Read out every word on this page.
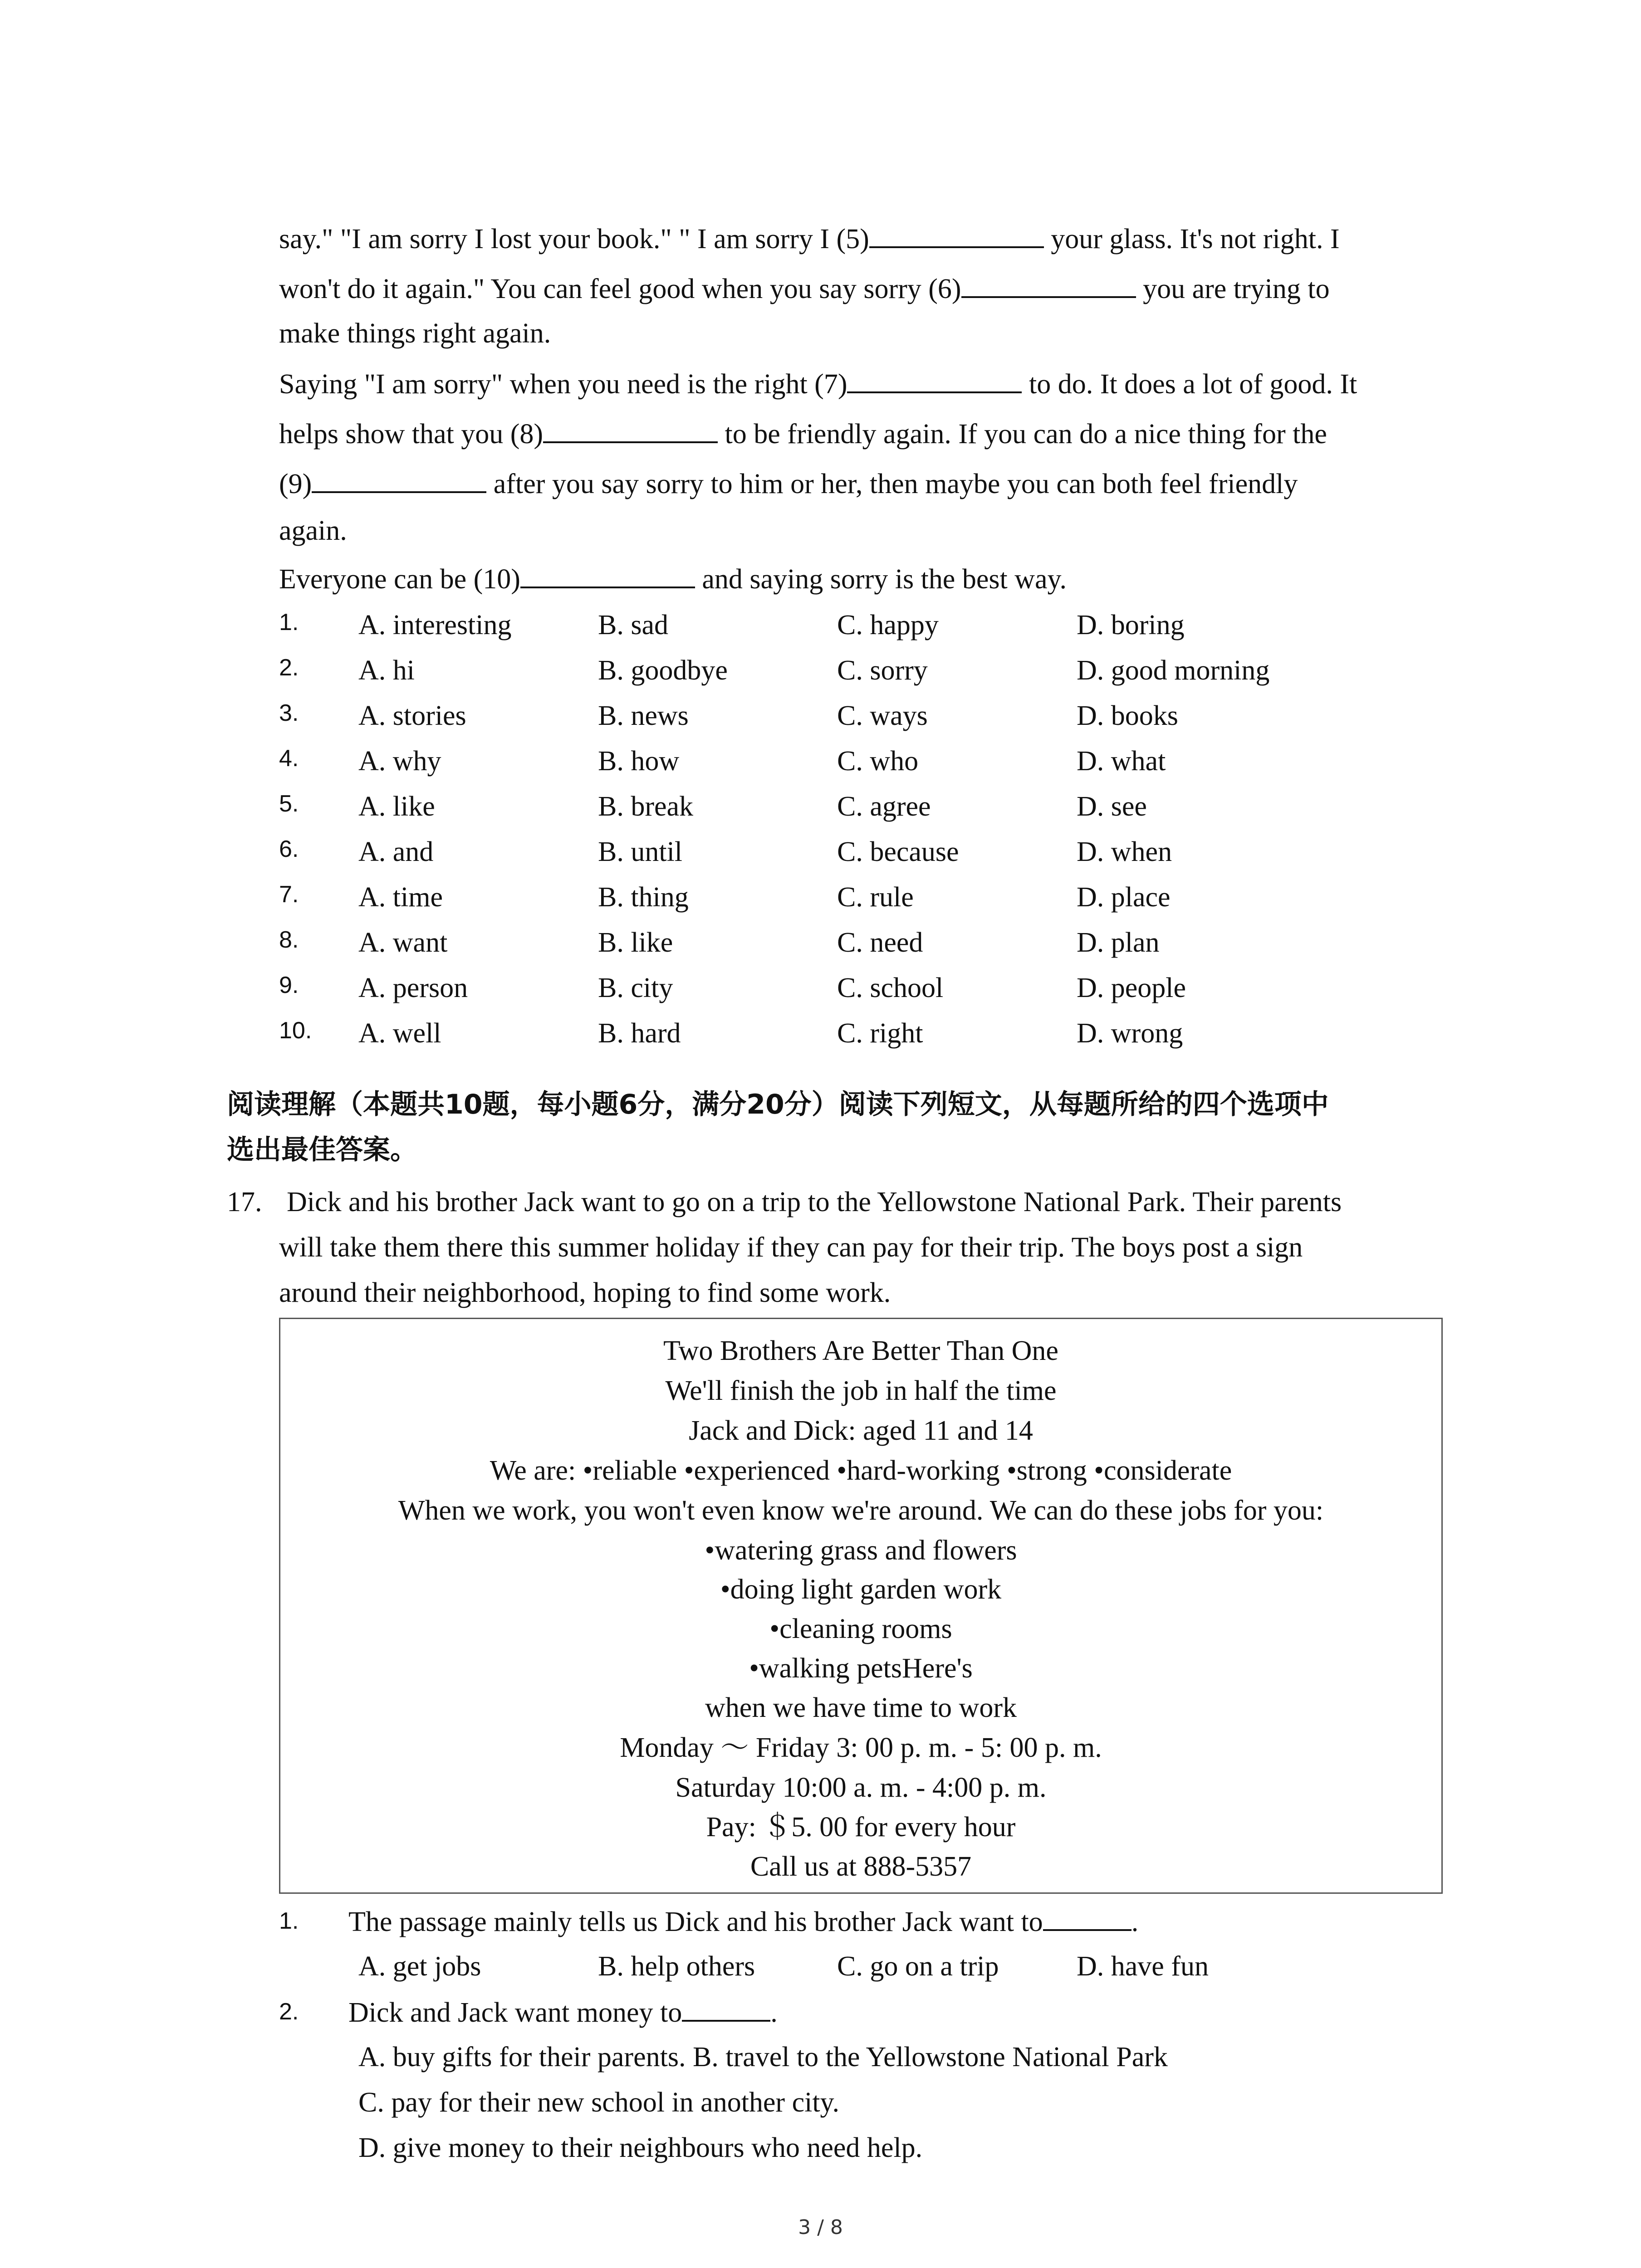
say." "I am sorry I lost your book." " I am sorry I (5)	your glass. It's not right. I
won't do it again." You can feel good when you say sorry (6)	you are trying to
make things right again.
Saying "I am sorry" when you need is the right (7)	to do. It does a lot of good. It
helps show that you (8)	to be friendly again. If you can do a nice thing for the
(9)	after you say sorry to him or her, then maybe you can both feel friendly
again.
Everyone can be (10)	and saying sorry is the best way.
1. A. interesting	B. sad	C. happy	D. boring
2. A. hi	B. goodbye	C. sorry	D. good morning
3. A. stories	B. news	C. ways	D. books
4. A. why	B. how	C. who	D. what
5. A. like	B. break	C. agree	D. see
6. A. and	B. until	C. because	D. when
7. A. time	B. thing	C. rule	D. place
8. A. want	B. like	C. need	D. plan
9. A. person	B. city	C. school	D. people
10. A. well	B. hard	C. right	D. wrong
阅读理解（本题共10题，每小题6分，满分20分）阅读下列短文，从每题所给的四个选项中
选出最佳答案。
17. Dick and his brother Jack want to go on a trip to the Yellowstone National Park. Their parents
will take them there this summer holiday if they can pay for their trip. The boys post a sign
around their neighborhood, hoping to find some work.
Two Brothers Are Better Than One
We'll finish the job in half the time
Jack and Dick: aged 11 and 14
We are: •reliable •experienced •hard-working •strong •considerate
When we work, you won't even know we're around. We can do these jobs for you:
•watering grass and flowers
•doing light garden work
•cleaning rooms
•walking petsHere's
when we have time to work
Monday ～ Friday 3: 00 p. m. - 5: 00 p. m.
Saturday 10:00 a. m. - 4:00 p. m.
Pay: ＄5. 00 for every hour
Call us at 888-5357
1. The passage mainly tells us Dick and his brother Jack want to	.
A. get jobs	B. help others	C. go on a trip	D. have fun
2. Dick and Jack want money to	.
A. buy gifts for their parents. B. travel to the Yellowstone National Park
C. pay for their new school in another city.
D. give money to their neighbours who need help.
3 / 8
